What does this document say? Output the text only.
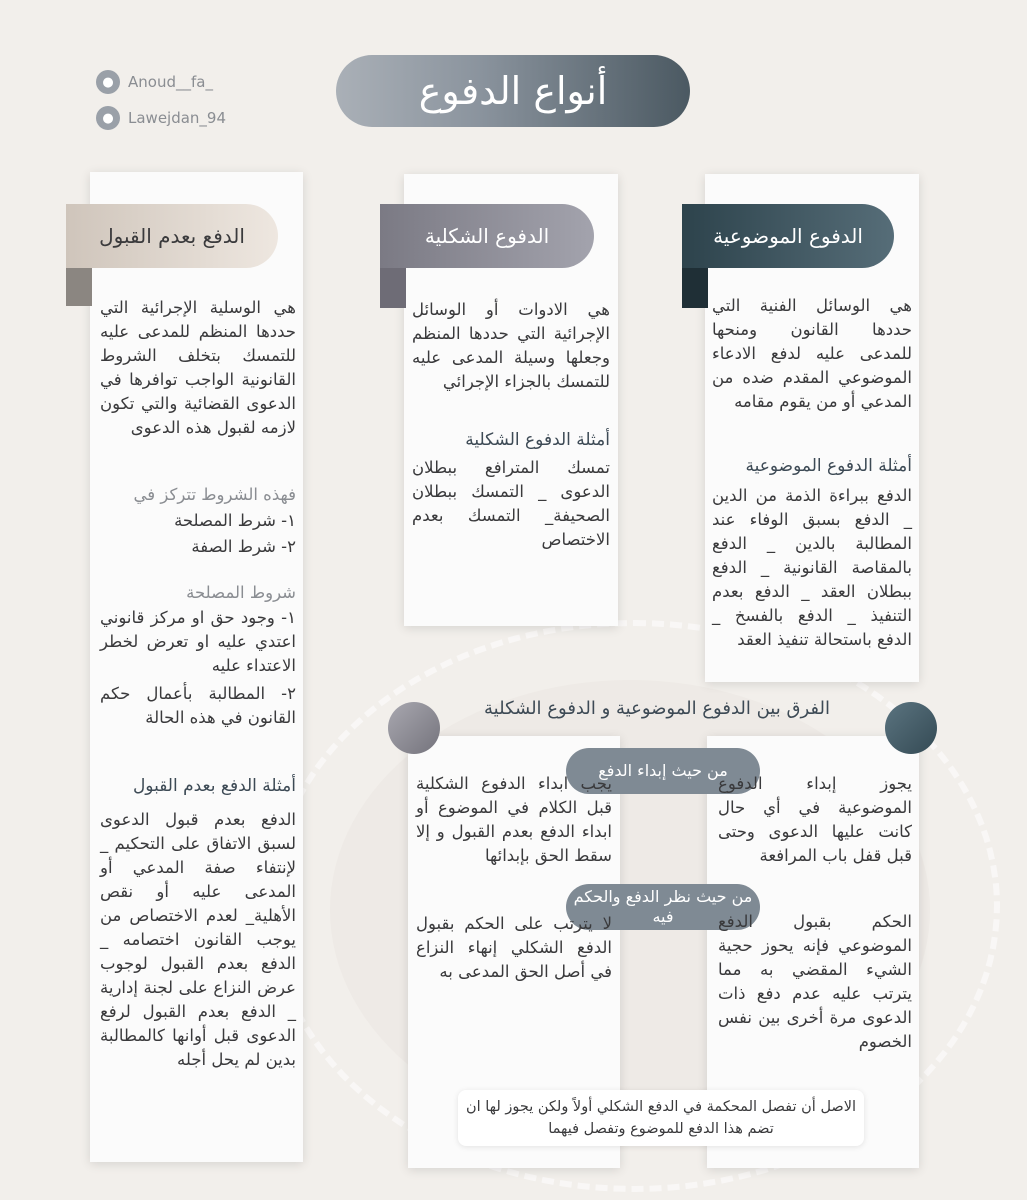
● Anoud__fa_
● Lawejdan_94
أنواع الدفوع
الدفع بعدم القبول	الدفوع الشكلية	الدفوع الموضوعية
هي الوسلية الإجرائية التي حددها المنظم للمدعى عليه للتمسك بتخلف الشروط القانونية الواجب توافرها في الدعوى القضائية والتي تكون لازمه لقبول هذه الدعوى
فهذه الشروط تتركز في
١- شرط المصلحة
٢- شرط الصفة
شروط المصلحة
١- وجود حق او مركز قانوني اعتدي عليه او تعرض لخطر الاعتداء عليه
٢- المطالبة بأعمال حكم القانون في هذه الحالة
أمثلة الدفع بعدم القبول
الدفع بعدم قبول الدعوى لسبق الاتفاق على التحكيم _ لإنتفاء صفة المدعي أو المدعى عليه أو نقص الأهلية_ لعدم الاختصاص من يوجب القانون اختصامه _ الدفع بعدم القبول لوجوب عرض النزاع على لجنة إدارية _ الدفع بعدم القبول لرفع الدعوى قبل أوانها كالمطالبة بدين لم يحل أجله
هي الادوات أو الوسائل الإجرائية التي حددها المنظم وجعلها وسيلة المدعى عليه للتمسك بالجزاء الإجرائي
أمثلة الدفوع الشكلية
تمسك المترافع ببطلان الدعوى _ التمسك ببطلان الصحيفة_ التمسك بعدم الاختصاص
هي الوسائل الفنية التي حددها القانون ومنحها للمدعى عليه لدفع الادعاء الموضوعي المقدم ضده من المدعي أو من يقوم مقامه
أمثلة الدفوع الموضوعية
الدفع ببراءة الذمة من الدين _ الدفع بسبق الوفاء عند المطالبة بالدين _ الدفع بالمقاصة القانونية _ الدفع ببطلان العقد _ الدفع بعدم التنفيذ _ الدفع بالفسخ _ الدفع باستحالة تنفيذ العقد
الفرق بين الدفوع الموضوعية و الدفوع الشكلية
من حيث إبداء الدفع
من حيث نظر الدفع والحكم فيه
يجب ابداء الدفوع الشكلية قبل الكلام في الموضوع أو ابداء الدفع بعدم القبول و إلا سقط الحق بإبدائها
يجوز إبداء الدفوع الموضوعية في أي حال كانت عليها الدعوى وحتى قبل قفل باب المرافعة
لا يترتب على الحكم بقبول الدفع الشكلي إنهاء النزاع في أصل الحق المدعى به
الحكم بقبول الدفع الموضوعي فإنه يحوز حجية الشيء المقضي به مما يترتب عليه عدم دفع ذات الدعوى مرة أخرى بين نفس الخصوم
الاصل أن تفصل المحكمة في الدفع الشكلي أولاً ولكن يجوز لها ان تضم هذا الدفع للموضوع وتفصل فيهما
